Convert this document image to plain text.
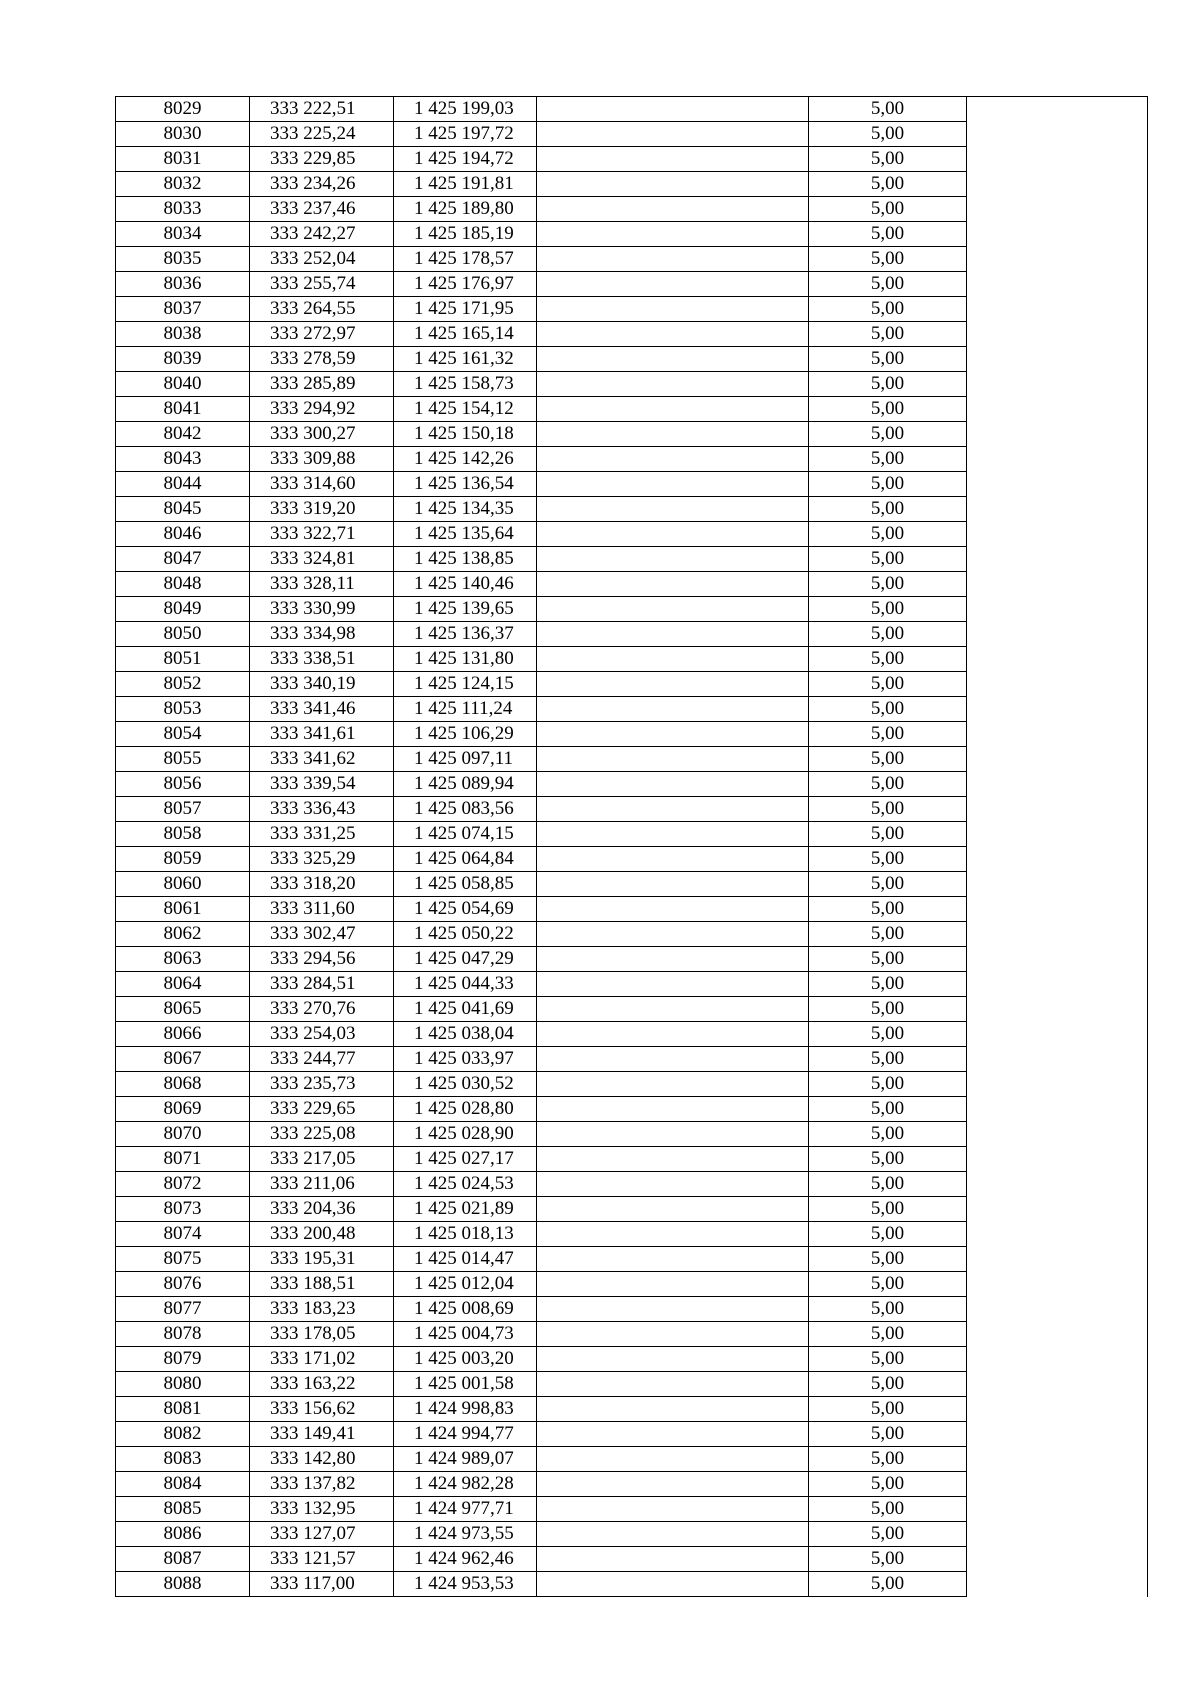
8029	333 222,51	1 425 199,03		5,00	
8030	333 225,24	1 425 197,72		5,00	
8031	333 229,85	1 425 194,72		5,00	
8032	333 234,26	1 425 191,81		5,00	
8033	333 237,46	1 425 189,80		5,00	
8034	333 242,27	1 425 185,19		5,00	
8035	333 252,04	1 425 178,57		5,00	
8036	333 255,74	1 425 176,97		5,00	
8037	333 264,55	1 425 171,95		5,00	
8038	333 272,97	1 425 165,14		5,00	
8039	333 278,59	1 425 161,32		5,00	
8040	333 285,89	1 425 158,73		5,00	
8041	333 294,92	1 425 154,12		5,00	
8042	333 300,27	1 425 150,18		5,00	
8043	333 309,88	1 425 142,26		5,00	
8044	333 314,60	1 425 136,54		5,00	
8045	333 319,20	1 425 134,35		5,00	
8046	333 322,71	1 425 135,64		5,00	
8047	333 324,81	1 425 138,85		5,00	
8048	333 328,11	1 425 140,46		5,00	
8049	333 330,99	1 425 139,65		5,00	
8050	333 334,98	1 425 136,37		5,00	
8051	333 338,51	1 425 131,80		5,00	
8052	333 340,19	1 425 124,15		5,00	
8053	333 341,46	1 425 111,24		5,00	
8054	333 341,61	1 425 106,29		5,00	
8055	333 341,62	1 425 097,11		5,00	
8056	333 339,54	1 425 089,94		5,00	
8057	333 336,43	1 425 083,56		5,00	
8058	333 331,25	1 425 074,15		5,00	
8059	333 325,29	1 425 064,84		5,00	
8060	333 318,20	1 425 058,85		5,00	
8061	333 311,60	1 425 054,69		5,00	
8062	333 302,47	1 425 050,22		5,00	
8063	333 294,56	1 425 047,29		5,00	
8064	333 284,51	1 425 044,33		5,00	
8065	333 270,76	1 425 041,69		5,00	
8066	333 254,03	1 425 038,04		5,00	
8067	333 244,77	1 425 033,97		5,00	
8068	333 235,73	1 425 030,52		5,00	
8069	333 229,65	1 425 028,80		5,00	
8070	333 225,08	1 425 028,90		5,00	
8071	333 217,05	1 425 027,17		5,00	
8072	333 211,06	1 425 024,53		5,00	
8073	333 204,36	1 425 021,89		5,00	
8074	333 200,48	1 425 018,13		5,00	
8075	333 195,31	1 425 014,47		5,00	
8076	333 188,51	1 425 012,04		5,00	
8077	333 183,23	1 425 008,69		5,00	
8078	333 178,05	1 425 004,73		5,00	
8079	333 171,02	1 425 003,20		5,00	
8080	333 163,22	1 425 001,58		5,00	
8081	333 156,62	1 424 998,83		5,00	
8082	333 149,41	1 424 994,77		5,00	
8083	333 142,80	1 424 989,07		5,00	
8084	333 137,82	1 424 982,28		5,00	
8085	333 132,95	1 424 977,71		5,00	
8086	333 127,07	1 424 973,55		5,00	
8087	333 121,57	1 424 962,46		5,00	
8088	333 117,00	1 424 953,53		5,00	
